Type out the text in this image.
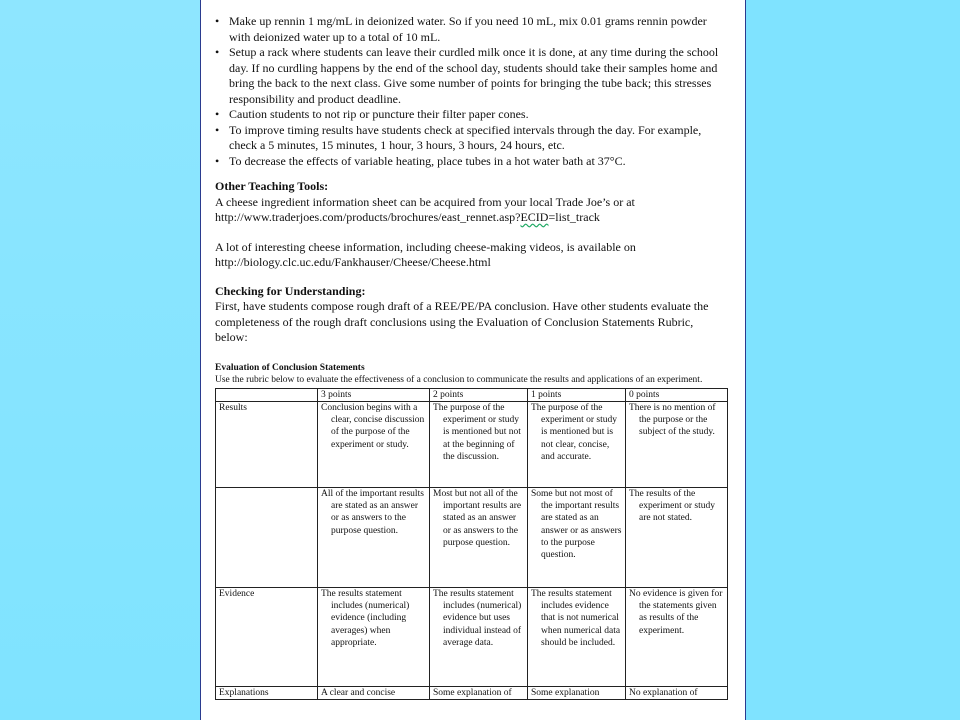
• Make up rennin 1 mg/mL in deionized water. So if you need 10 mL, mix 0.01 grams rennin powder with deionized water up to a total of 10 mL.
• Setup a rack where students can leave their curdled milk once it is done, at any time during the school day. If no curdling happens by the end of the school day, students should take their samples home and bring the back to the next class. Give some number of points for bringing the tube back; this stresses responsibility and product deadline.
• Caution students to not rip or puncture their filter paper cones.
• To improve timing results have students check at specified intervals through the day. For example, check a 5 minutes, 15 minutes, 1 hour, 3 hours, 3 hours, 24 hours, etc.
• To decrease the effects of variable heating, place tubes in a hot water bath at 37°C.
Other Teaching Tools:

A cheese ingredient information sheet can be acquired from your local Trade Joe’s or at
http://www.traderjoes.com/products/brochures/east_rennet.asp?ECID=list_track

A lot of interesting cheese information, including cheese-making videos, is available on
http://biology.clc.uc.edu/Fankhauser/Cheese/Cheese.html

Checking for Understanding:

First, have students compose rough draft of a REE/PE/PA conclusion. Have other students evaluate the completeness of the rough draft conclusions using the Evaluation of Conclusion Statements Rubric, below:

Evaluation of Conclusion Statements
Use the rubric below to evaluate the effectiveness of a conclusion to communicate the results and applications of an experiment.
	3 points	2 points	1 points	0 points
Results	Conclusion begins with a clear, concise discussion of the purpose of the experiment or study.	The purpose of the experiment or study is mentioned but not at the beginning of the discussion.	The purpose of the experiment or study is mentioned but is not clear, concise, and accurate.	There is no mention of the purpose or the subject of the study.

	All of the important results are stated as an answer or as answers to the purpose question.	Most but not all of the important results are stated as an answer or as answers to the purpose question.	Some but not most of the important results are stated as an answer or as answers to the purpose question.	The results of the experiment or study are not stated.

Evidence	The results statement includes (numerical) evidence (including averages) when appropriate.	The results statement includes (numerical) evidence but uses individual instead of average data.	The results statement includes evidence that is not numerical when numerical data should be included.	No evidence is given for the statements given as results of the experiment.

Explanations	A clear and concise	Some explanation of	Some explanation	No explanation of
